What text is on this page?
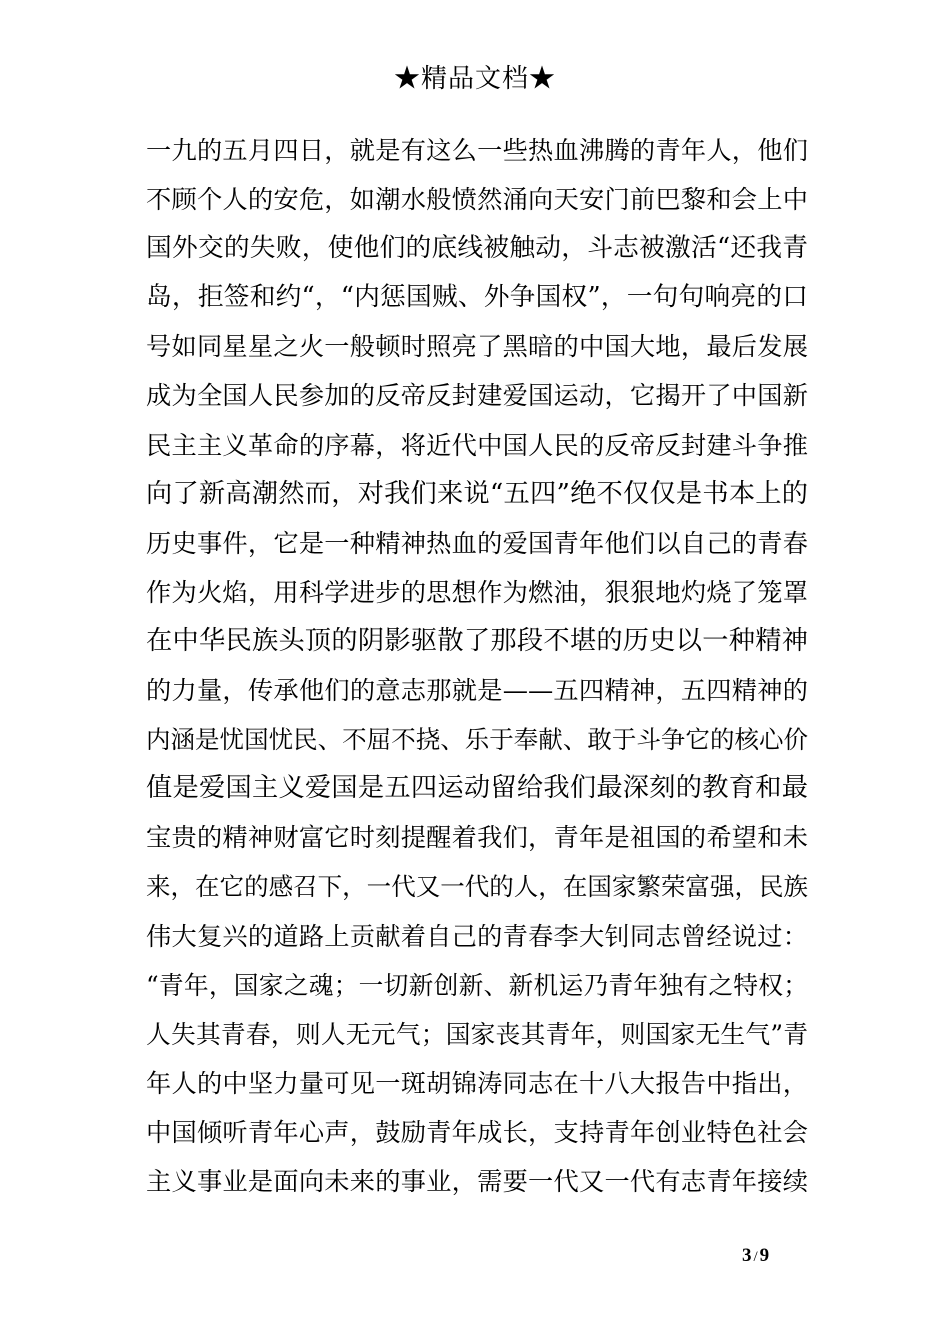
★精品文档★
一九的五月四日，就是有这么一些热血沸腾的青年人，他们
不顾个人的安危，如潮水般愤然涌向天安门前巴黎和会上中
国外交的失败，使他们的底线被触动，斗志被激活“还我青
岛，拒签和约“，“内惩国贼、外争国权”，一句句响亮的口
号如同星星之火一般顿时照亮了黑暗的中国大地，最后发展
成为全国人民参加的反帝反封建爱国运动，它揭开了中国新
民主主义革命的序幕，将近代中国人民的反帝反封建斗争推
向了新高潮然而，对我们来说“五四”绝不仅仅是书本上的
历史事件，它是一种精神热血的爱国青年他们以自己的青春
作为火焰，用科学进步的思想作为燃油，狠狠地灼烧了笼罩
在中华民族头顶的阴影驱散了那段不堪的历史以一种精神
的力量，传承他们的意志那就是——五四精神，五四精神的
内涵是忧国忧民、不屈不挠、乐于奉献、敢于斗争它的核心价
值是爱国主义爱国是五四运动留给我们最深刻的教育和最
宝贵的精神财富它时刻提醒着我们，青年是祖国的希望和未
来，在它的感召下，一代又一代的人，在国家繁荣富强，民族
伟大复兴的道路上贡献着自己的青春李大钊同志曾经说过：
“青年，国家之魂；一切新创新、新机运乃青年独有之特权；
人失其青春，则人无元气；国家丧其青年，则国家无生气”青
年人的中坚力量可见一斑胡锦涛同志在十八大报告中指出，
中国倾听青年心声，鼓励青年成长，支持青年创业特色社会
主义事业是面向未来的事业，需要一代又一代有志青年接续
3 / 9
